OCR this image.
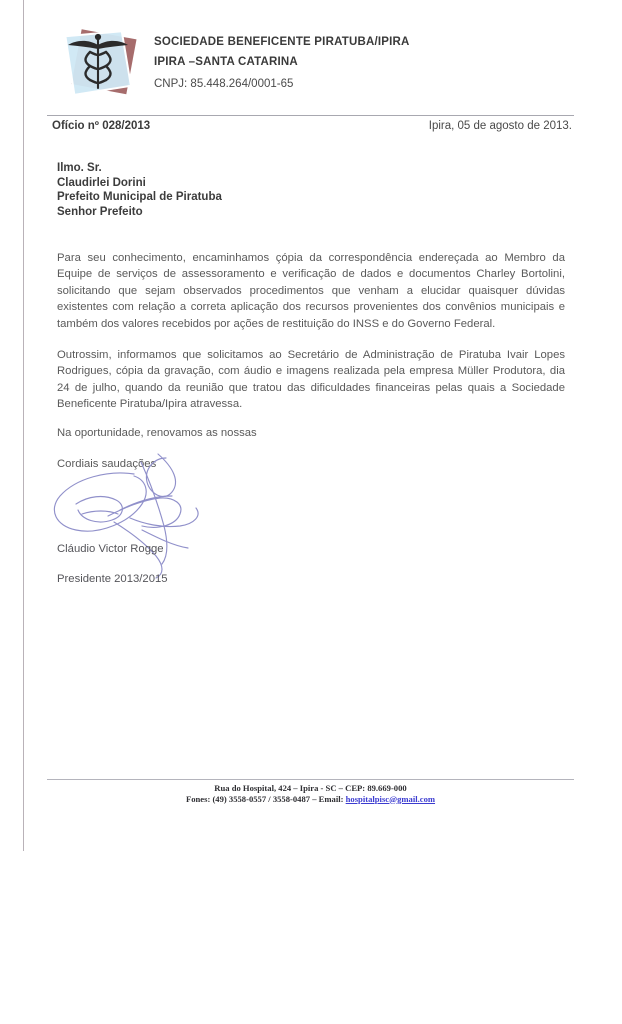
SOCIEDADE BENEFICENTE PIRATUBA/IPIRA
IPIRA –SANTA CATARINA
CNPJ: 85.448.264/0001-65
Ofício nº 028/2013	Ipira, 05 de agosto de 2013.
Ilmo. Sr.
Claudirlei Dorini
Prefeito Municipal de Piratuba
Senhor Prefeito

Para seu conhecimento, encaminhamos çópia da correspondência endereçada ao Membro da Equipe de serviços de assessoramento e verificação de dados e documentos Charley Bortolini, solicitando que sejam observados procedimentos que venham a elucidar quaisquer dúvidas existentes com relação a correta aplicação dos recursos provenientes dos convênios municipais e também dos valores recebidos por ações de restituição do INSS e do Governo Federal.

Outrossim, informamos que solicitamos ao Secretário de Administração de Piratuba Ivair Lopes Rodrigues, cópia da gravação, com áudio e imagens realizada pela empresa Müller Produtora, dia 24 de julho, quando da reunião que tratou das dificuldades financeiras pelas quais a Sociedade Beneficente Piratuba/Ipira atravessa.

Na oportunidade, renovamos as nossas
Cordiais saudações
Cláudio Victor Rogge
Presidente 2013/2015
Rua do Hospital, 424 – Ipira - SC – CEP: 89.669-000
Fones: (49) 3558-0557 / 3558-0487 – Email: hospitalpisc@gmail.com
